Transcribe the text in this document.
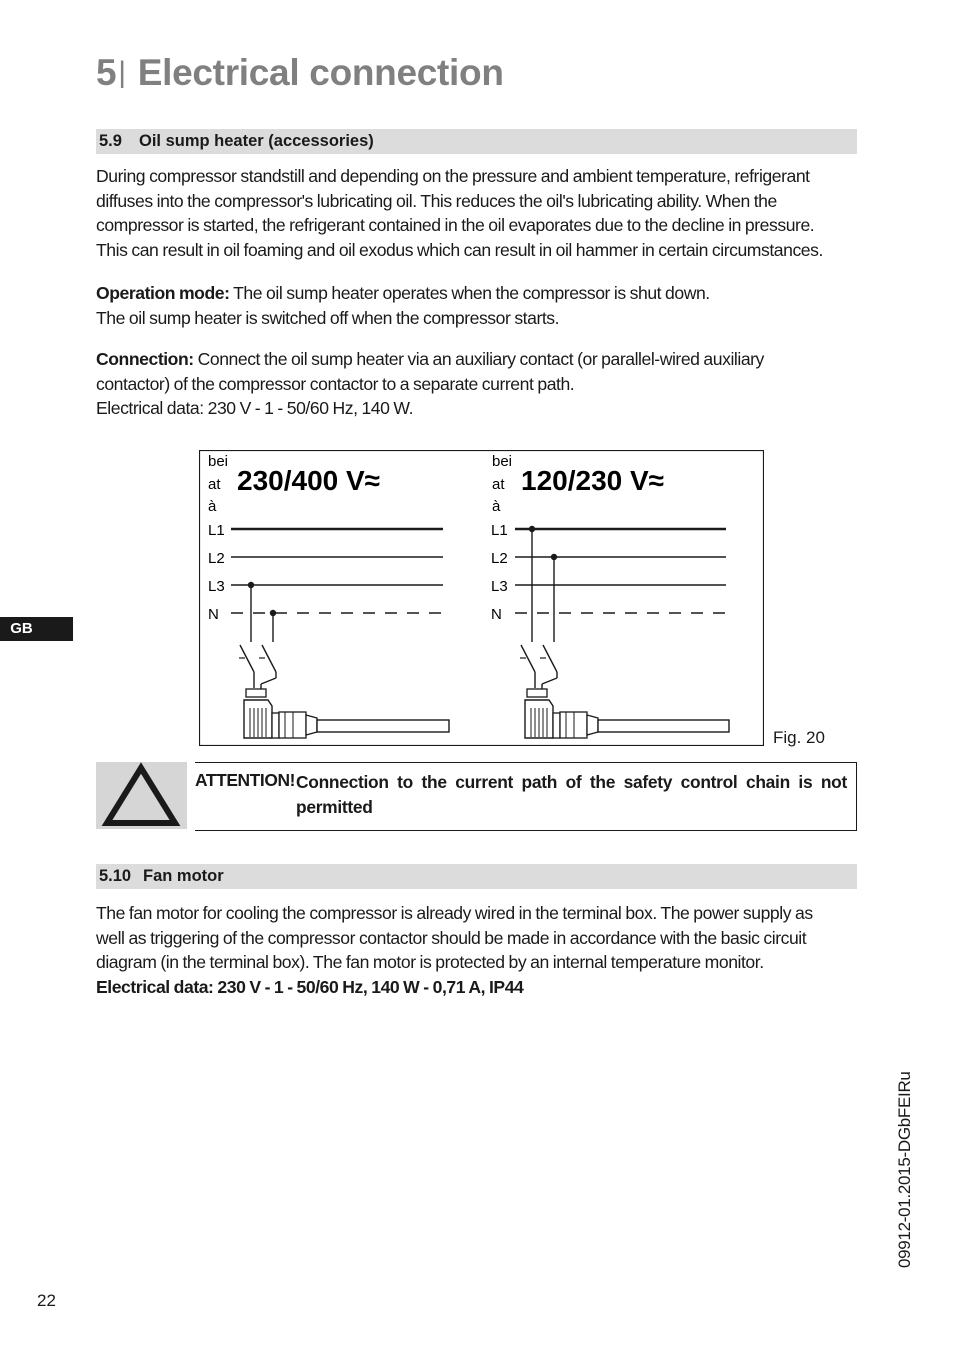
5| Electrical connection
5.9 Oil sump heater (accessories)

During compressor standstill and depending on the pressure and ambient temperature, refrigerant

diffuses into the compressor's lubricating oil. This reduces the oil's lubricating ability. When the

compressor is started, the refrigerant contained in the oil evaporates due to the decline in pressure.

This can result in oil foaming and oil exodus which can result in oil hammer in certain circumstances.

Operation mode: The oil sump heater operates when the compressor is shut down.

The oil sump heater is switched off when the compressor starts.

Connection: Connect the oil sump heater via an auxiliary contact (or parallel-wired auxiliary

contactor) of the compressor contactor to a separate current path.

Electrical data: 230 V - 1 - 50/60 Hz, 140 W.

GB
bei
at
à
230/400 V≈
L1
L2
L3
N
bei
at
à
120/230 V≈
L1
L2
L3
N
Fig. 20
ATTENTION! Connection to the current path of the safety control chain is not
permitted
5.10 Fan motor

The fan motor for cooling the compressor is already wired in the terminal box. The power supply as

well as triggering of the compressor contactor should be made in accordance with the basic circuit

diagram (in the terminal box). The fan motor is protected by an internal temperature monitor.

Electrical data: 230 V - 1 - 50/60 Hz, 140 W - 0,71 A, IP44

22
09912-01.2015-DGbFEIRu
